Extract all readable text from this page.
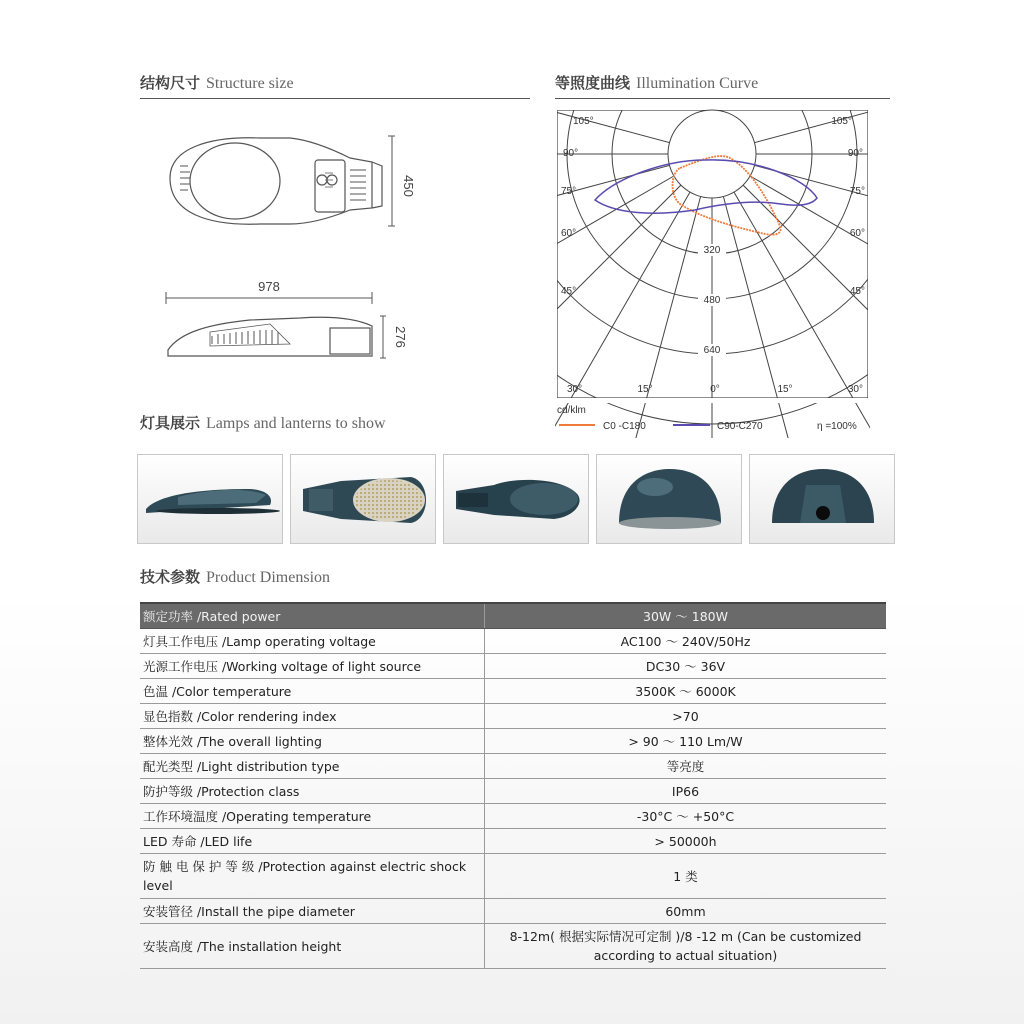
结构尺寸 Structure size	等照度曲线 Illumination Curve
450
978
276
105°	105°
90°	90°
75°	75°
60°	60°
45°	45°
30°	15°	0°	15°	30°
320
480
640
cd/klm
C0 -C180	C90-C270	η =100%
灯具展示 Lamps and lanterns to show
技术参数 Product Dimension
额定功率 /Rated power	30W ～ 180W
灯具工作电压 /Lamp operating voltage	AC100 ～ 240V/50Hz
光源工作电压 /Working voltage of light source	DC30 ～ 36V
色温 /Color temperature	3500K ～ 6000K
显色指数 /Color rendering index	>70
整体光效 /The overall lighting	> 90 ～ 110 Lm/W
配光类型 /Light distribution type	等亮度
防护等级 /Protection class	IP66
工作环境温度 /Operating temperature	-30°C ～ +50°C
LED 寿命 /LED life	> 50000h
防 触 电 保 护 等 级 /Protection against electric shock level	1 类
安装管径 /Install the pipe diameter	60mm
安装高度 /The installation height	8-12m( 根据实际情况可定制 )/8 -12 m (Can be customized according to actual situation)
